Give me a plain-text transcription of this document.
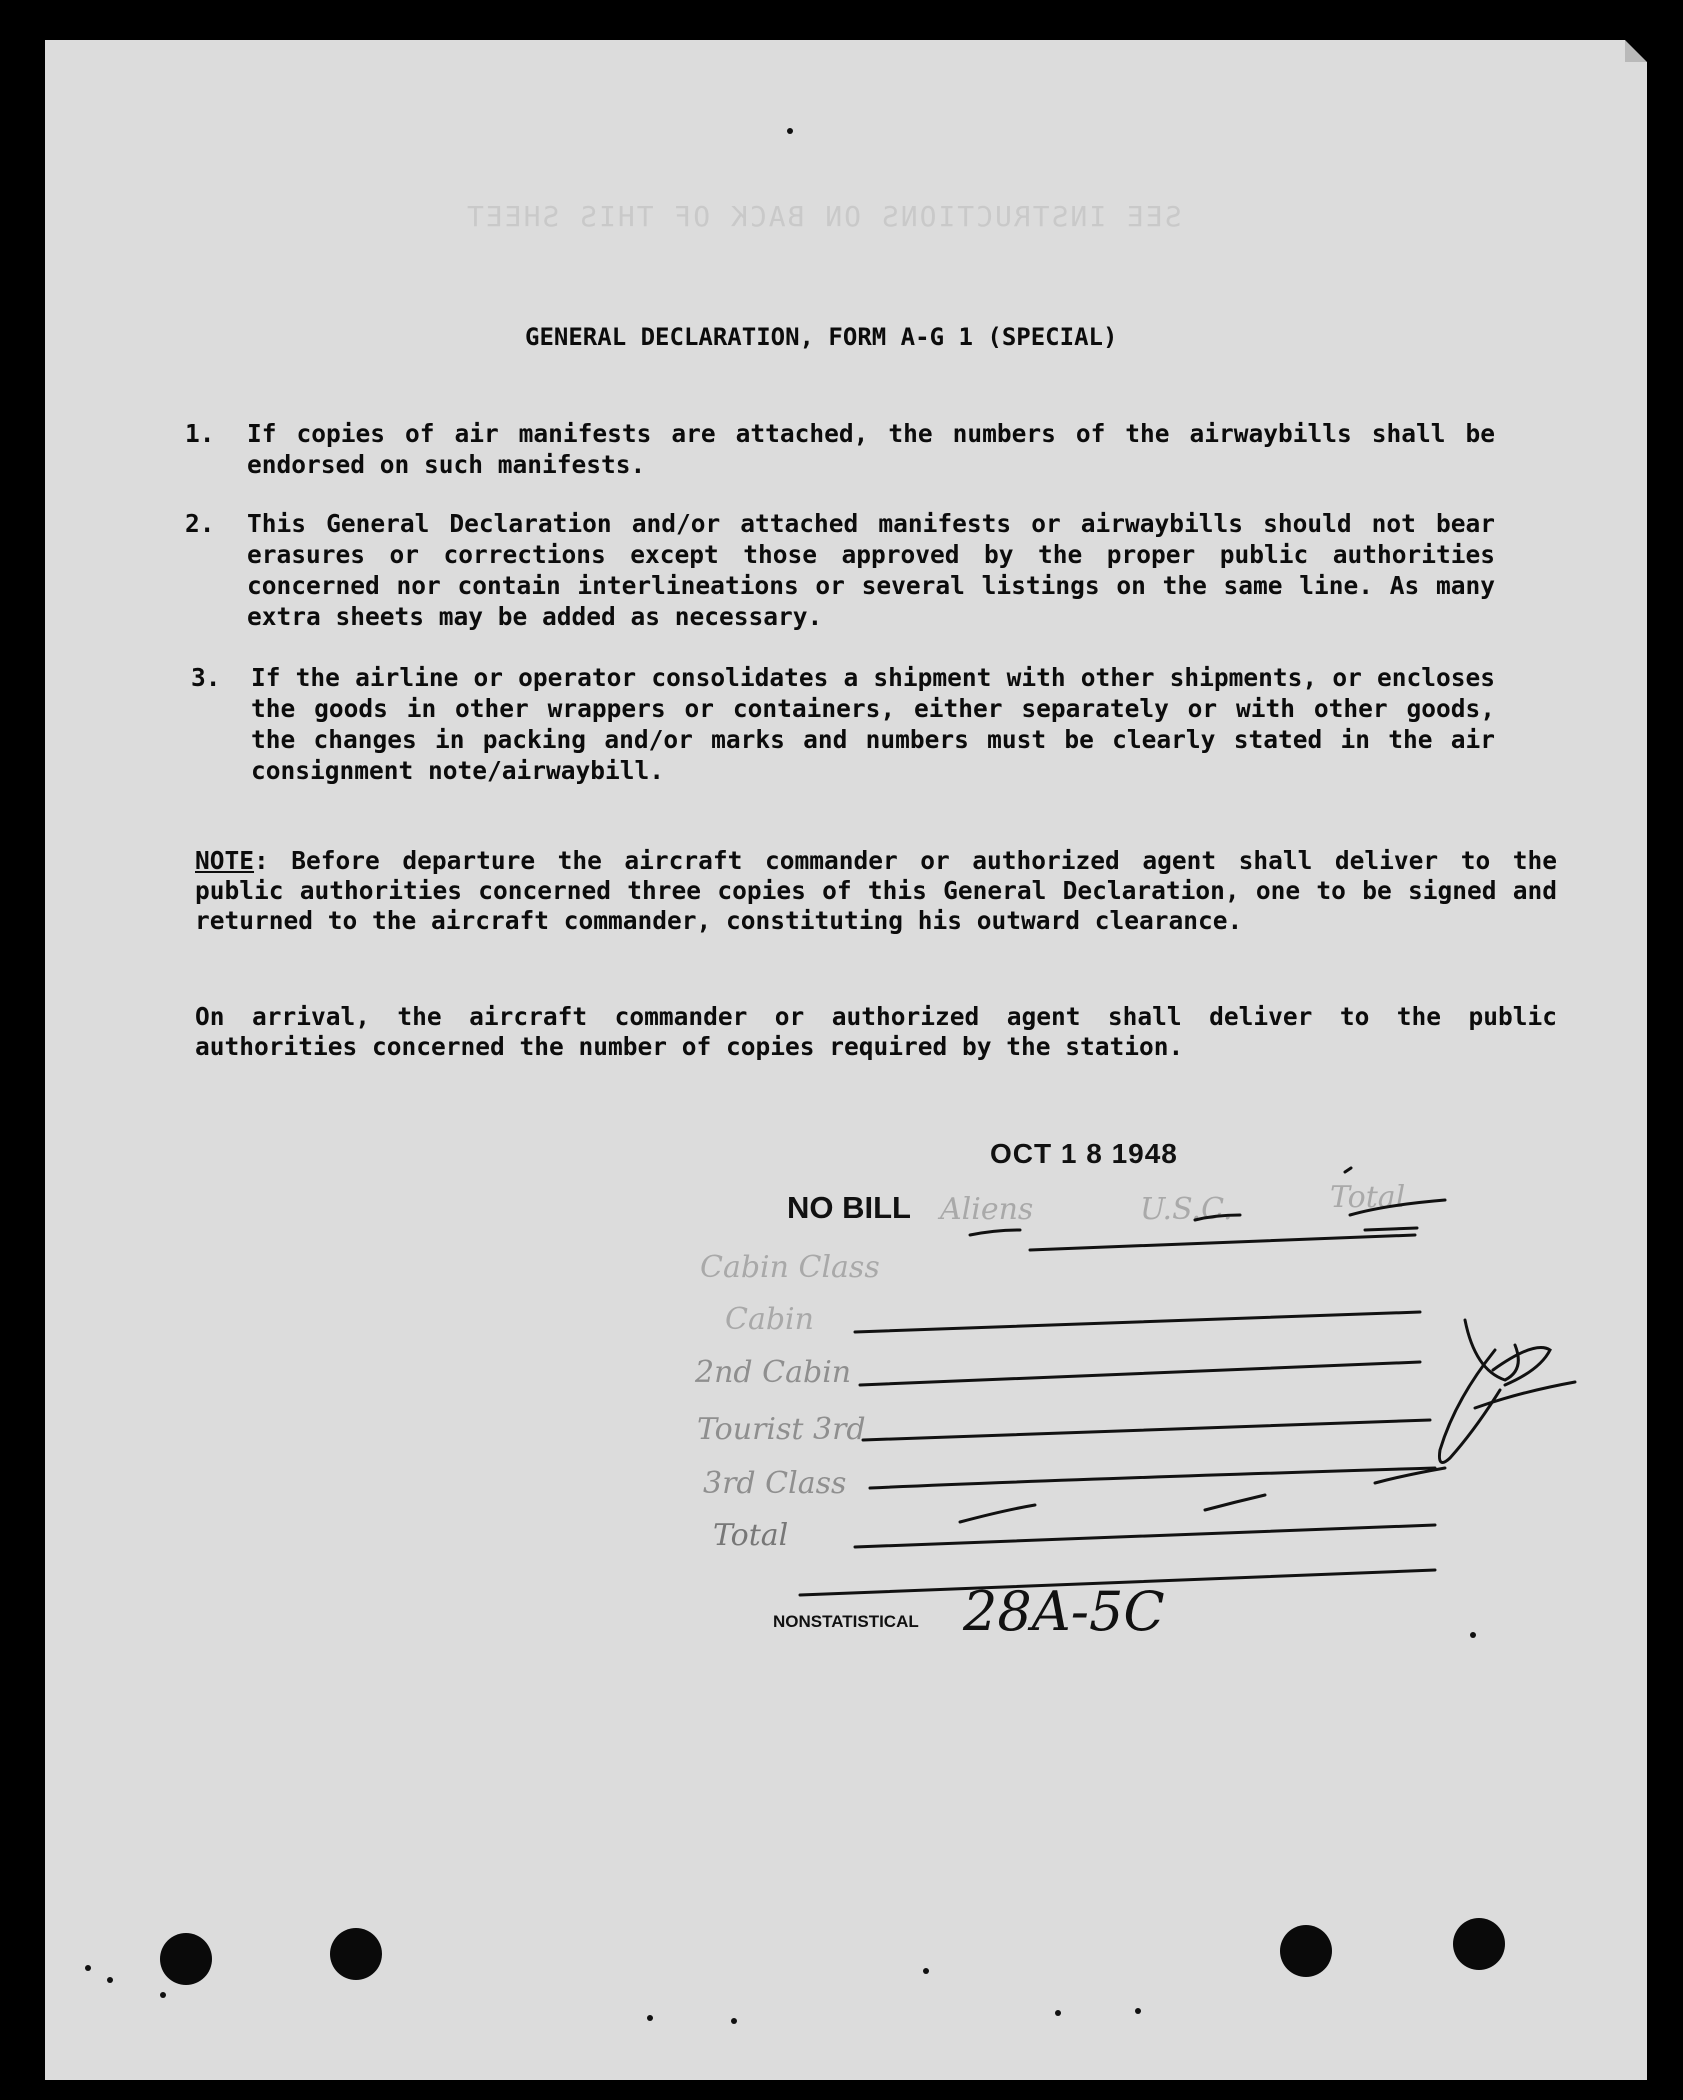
SEE INSTRUCTIONS ON BACK OF THIS SHEET
Aliens	U.S.C.	Total
Cabin Class
Cabin
2nd Cabin
Tourist 3rd
3rd Class
Total
GENERAL DECLARATION, FORM A-G 1 (SPECIAL)
1.	If copies of air manifests are attached, the numbers of the airwaybills shall be endorsed on such manifests.
2.	This General Declaration and/or attached manifests or airwaybills should not bear erasures or corrections except those approved by the proper public authorities concerned nor contain interlineations or several listings on the same line. As many extra sheets may be added as necessary.
3.	If the airline or operator consolidates a shipment with other shipments, or encloses the goods in other wrappers or containers, either separately or with other goods, the changes in packing and/or marks and numbers must be clearly stated in the air consignment note/airwaybill.
NOTE: Before departure the aircraft commander or authorized agent shall deliver to the public authorities concerned three copies of this General Declaration, one to be signed and returned to the aircraft commander, constituting his outward clearance.
On arrival, the aircraft commander or authorized agent shall deliver to the public authorities concerned the number of copies required by the station.
OCT 1 8 1948
NO BILL
NONSTATISTICAL 28A-5C
